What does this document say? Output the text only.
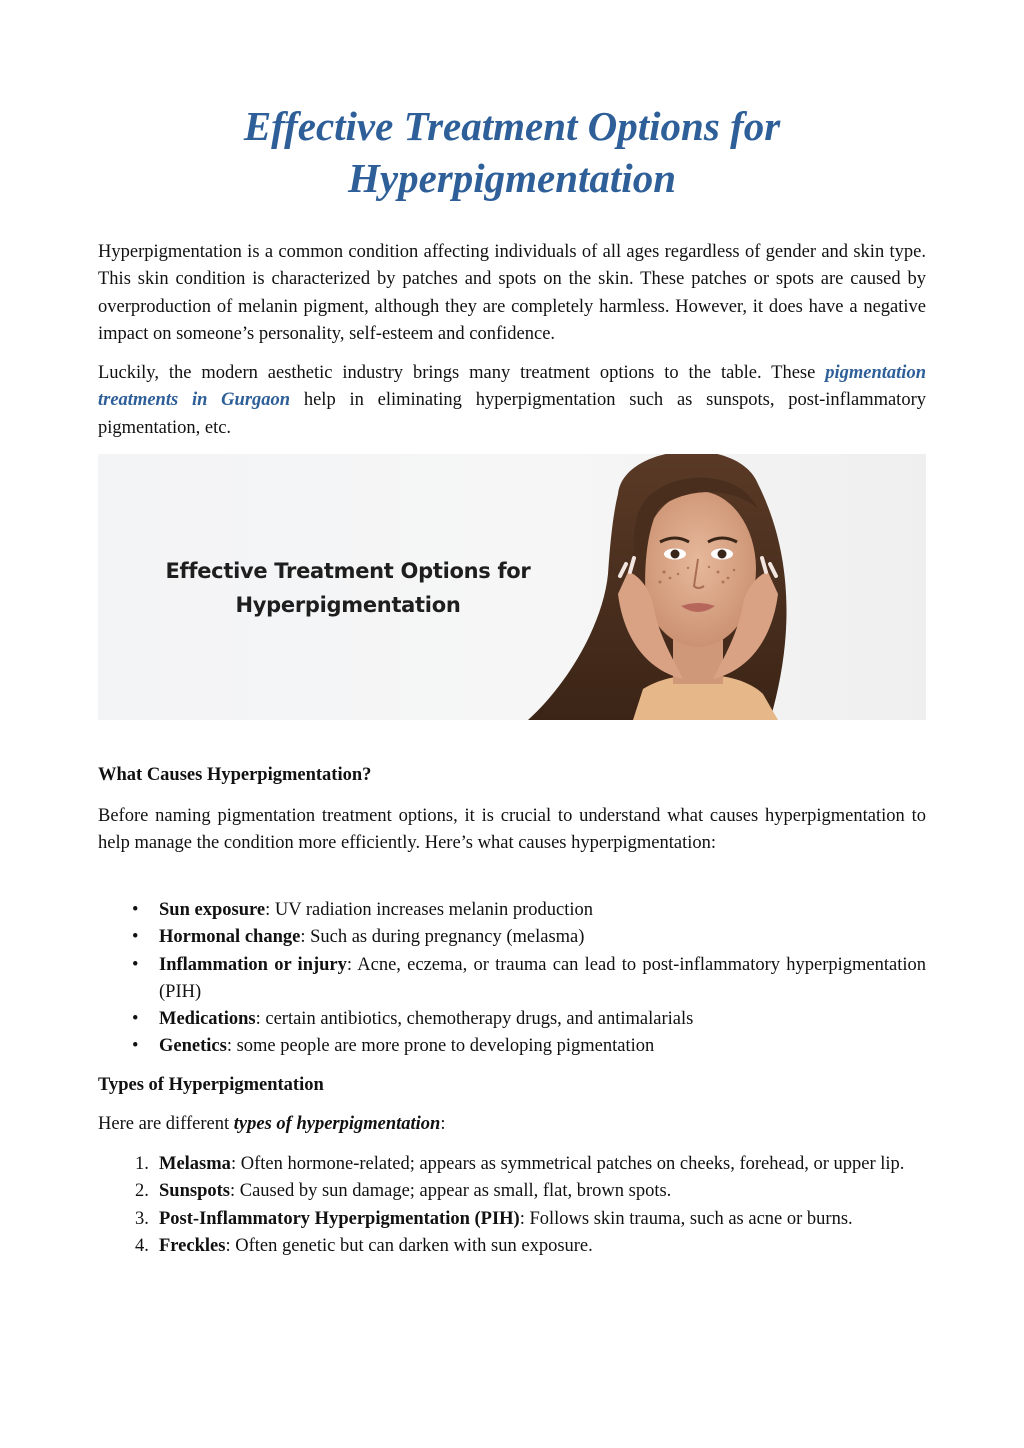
Effective Treatment Options for Hyperpigmentation

Hyperpigmentation is a common condition affecting individuals of all ages regardless of gender and skin type. This skin condition is characterized by patches and spots on the skin. These patches or spots are caused by overproduction of melanin pigment, although they are completely harmless. However, it does have a negative impact on someone’s personality, self-esteem and confidence.

Luckily, the modern aesthetic industry brings many treatment options to the table. These pigmentation treatments in Gurgaon help in eliminating hyperpigmentation such as sunspots, post-inflammatory pigmentation, etc.

Effective Treatment Options for
Hyperpigmentation
What Causes Hyperpigmentation?

Before naming pigmentation treatment options, it is crucial to understand what causes hyperpigmentation to help manage the condition more efficiently. Here’s what causes hyperpigmentation:

• Sun exposure: UV radiation increases melanin production
• Hormonal change: Such as during pregnancy (melasma)
• Inflammation or injury: Acne, eczema, or trauma can lead to post-inflammatory hyperpigmentation (PIH)
• Medications: certain antibiotics, chemotherapy drugs, and antimalarials
• Genetics: some people are more prone to developing pigmentation
Types of Hyperpigmentation

Here are different types of hyperpigmentation:

1. Melasma: Often hormone-related; appears as symmetrical patches on cheeks, forehead, or upper lip.
2. Sunspots: Caused by sun damage; appear as small, flat, brown spots.
3. Post-Inflammatory Hyperpigmentation (PIH): Follows skin trauma, such as acne or burns.
4. Freckles: Often genetic but can darken with sun exposure.
